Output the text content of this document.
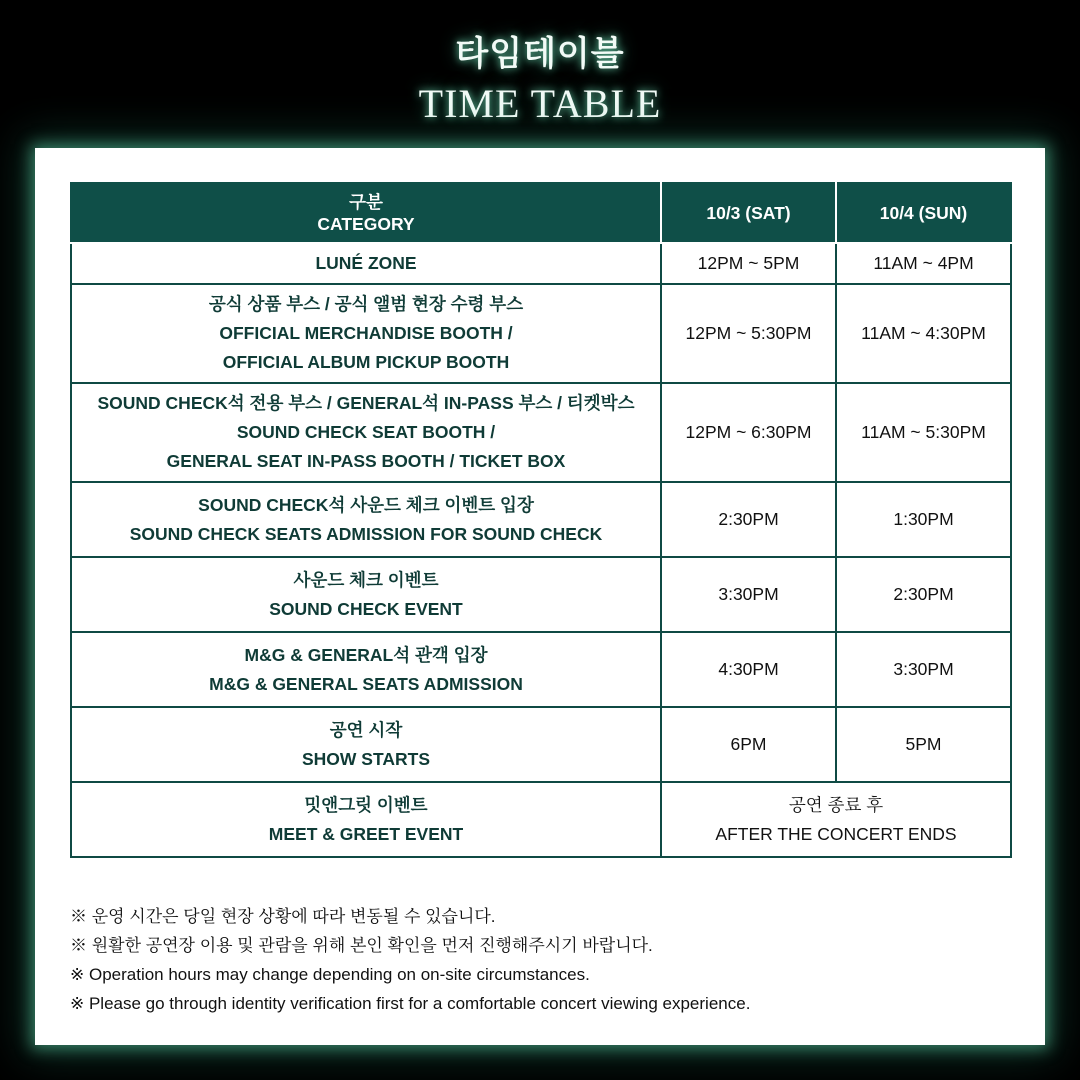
타임테이블
TIME TABLE
구분
CATEGORY	10/3 (SAT)	10/4 (SUN)

LUNÉ ZONE	12PM ~ 5PM	11AM ~ 4PM

공식 상품 부스 / 공식 앨범 현장 수령 부스
OFFICIAL MERCHANDISE BOOTH /
OFFICIAL ALBUM PICKUP BOOTH	12PM ~ 5:30PM	11AM ~ 4:30PM

SOUND CHECK석 전용 부스 / GENERAL석 IN-PASS 부스 / 티켓박스
SOUND CHECK SEAT BOOTH /
GENERAL SEAT IN-PASS BOOTH / TICKET BOX	12PM ~ 6:30PM	11AM ~ 5:30PM

SOUND CHECK석 사운드 체크 이벤트 입장
SOUND CHECK SEATS ADMISSION FOR SOUND CHECK	2:30PM	1:30PM

사운드 체크 이벤트
SOUND CHECK EVENT	3:30PM	2:30PM

M&G & GENERAL석 관객 입장
M&G & GENERAL SEATS ADMISSION	4:30PM	3:30PM

공연 시작
SHOW STARTS	6PM	5PM

밋앤그릿 이벤트
MEET & GREET EVENT	공연 종료 후
AFTER THE CONCERT ENDS	
※ 운영 시간은 당일 현장 상황에 따라 변동될 수 있습니다.
※ 원활한 공연장 이용 및 관람을 위해 본인 확인을 먼저 진행해주시기 바랍니다.
※ Operation hours may change depending on on-site circumstances.
※ Please go through identity verification first for a comfortable concert viewing experience.
